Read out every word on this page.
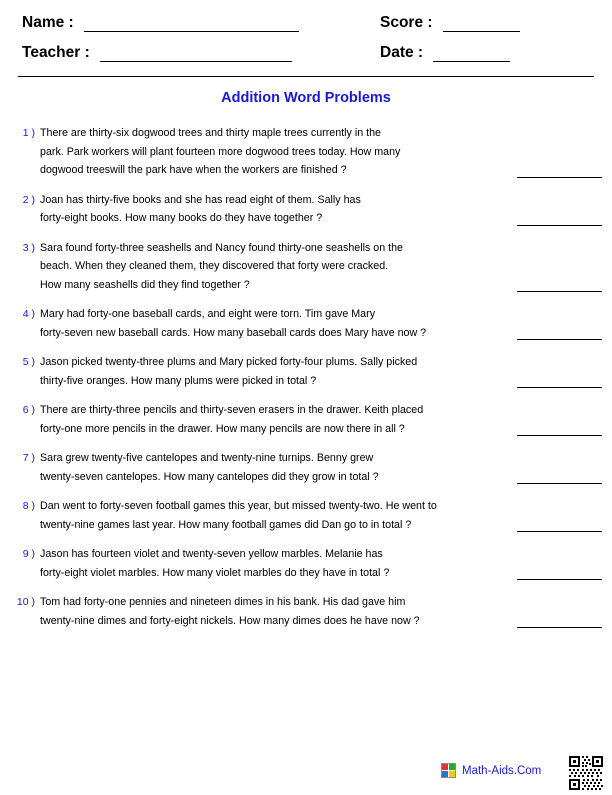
Name :
Teacher :
Score :
Date :
Addition Word Problems
1 ) There are thirty-six dogwood trees and thirty maple trees currently in the
park. Park workers will plant fourteen more dogwood trees today. How many
dogwood treeswill the park have when the workers are finished ?
2 ) Joan has thirty-five books and she has read eight of them. Sally has
forty-eight books. How many books do they have together ?
3 ) Sara found forty-three seashells and Nancy found thirty-one seashells on the
beach. When they cleaned them, they discovered that forty were cracked.
How many seashells did they find together ?
4 ) Mary had forty-one baseball cards, and eight were torn. Tim gave Mary
forty-seven new baseball cards. How many baseball cards does Mary have now ?
5 ) Jason picked twenty-three plums and Mary picked forty-four plums. Sally picked
thirty-five oranges. How many plums were picked in total ?
6 ) There are thirty-three pencils and thirty-seven erasers in the drawer. Keith placed
forty-one more pencils in the drawer. How many pencils are now there in all ?
7 ) Sara grew twenty-five cantelopes and twenty-nine turnips. Benny grew
twenty-seven cantelopes. How many cantelopes did they grow in total ?
8 ) Dan went to forty-seven football games this year, but missed twenty-two. He went to
twenty-nine games last year. How many football games did Dan go to in total ?
9 ) Jason has fourteen violet and twenty-seven yellow marbles. Melanie has
forty-eight violet marbles. How many violet marbles do they have in total ?
10 ) Tom had forty-one pennies and nineteen dimes in his bank. His dad gave him
twenty-nine dimes and forty-eight nickels. How many dimes does he have now ?
Math-Aids.Com
